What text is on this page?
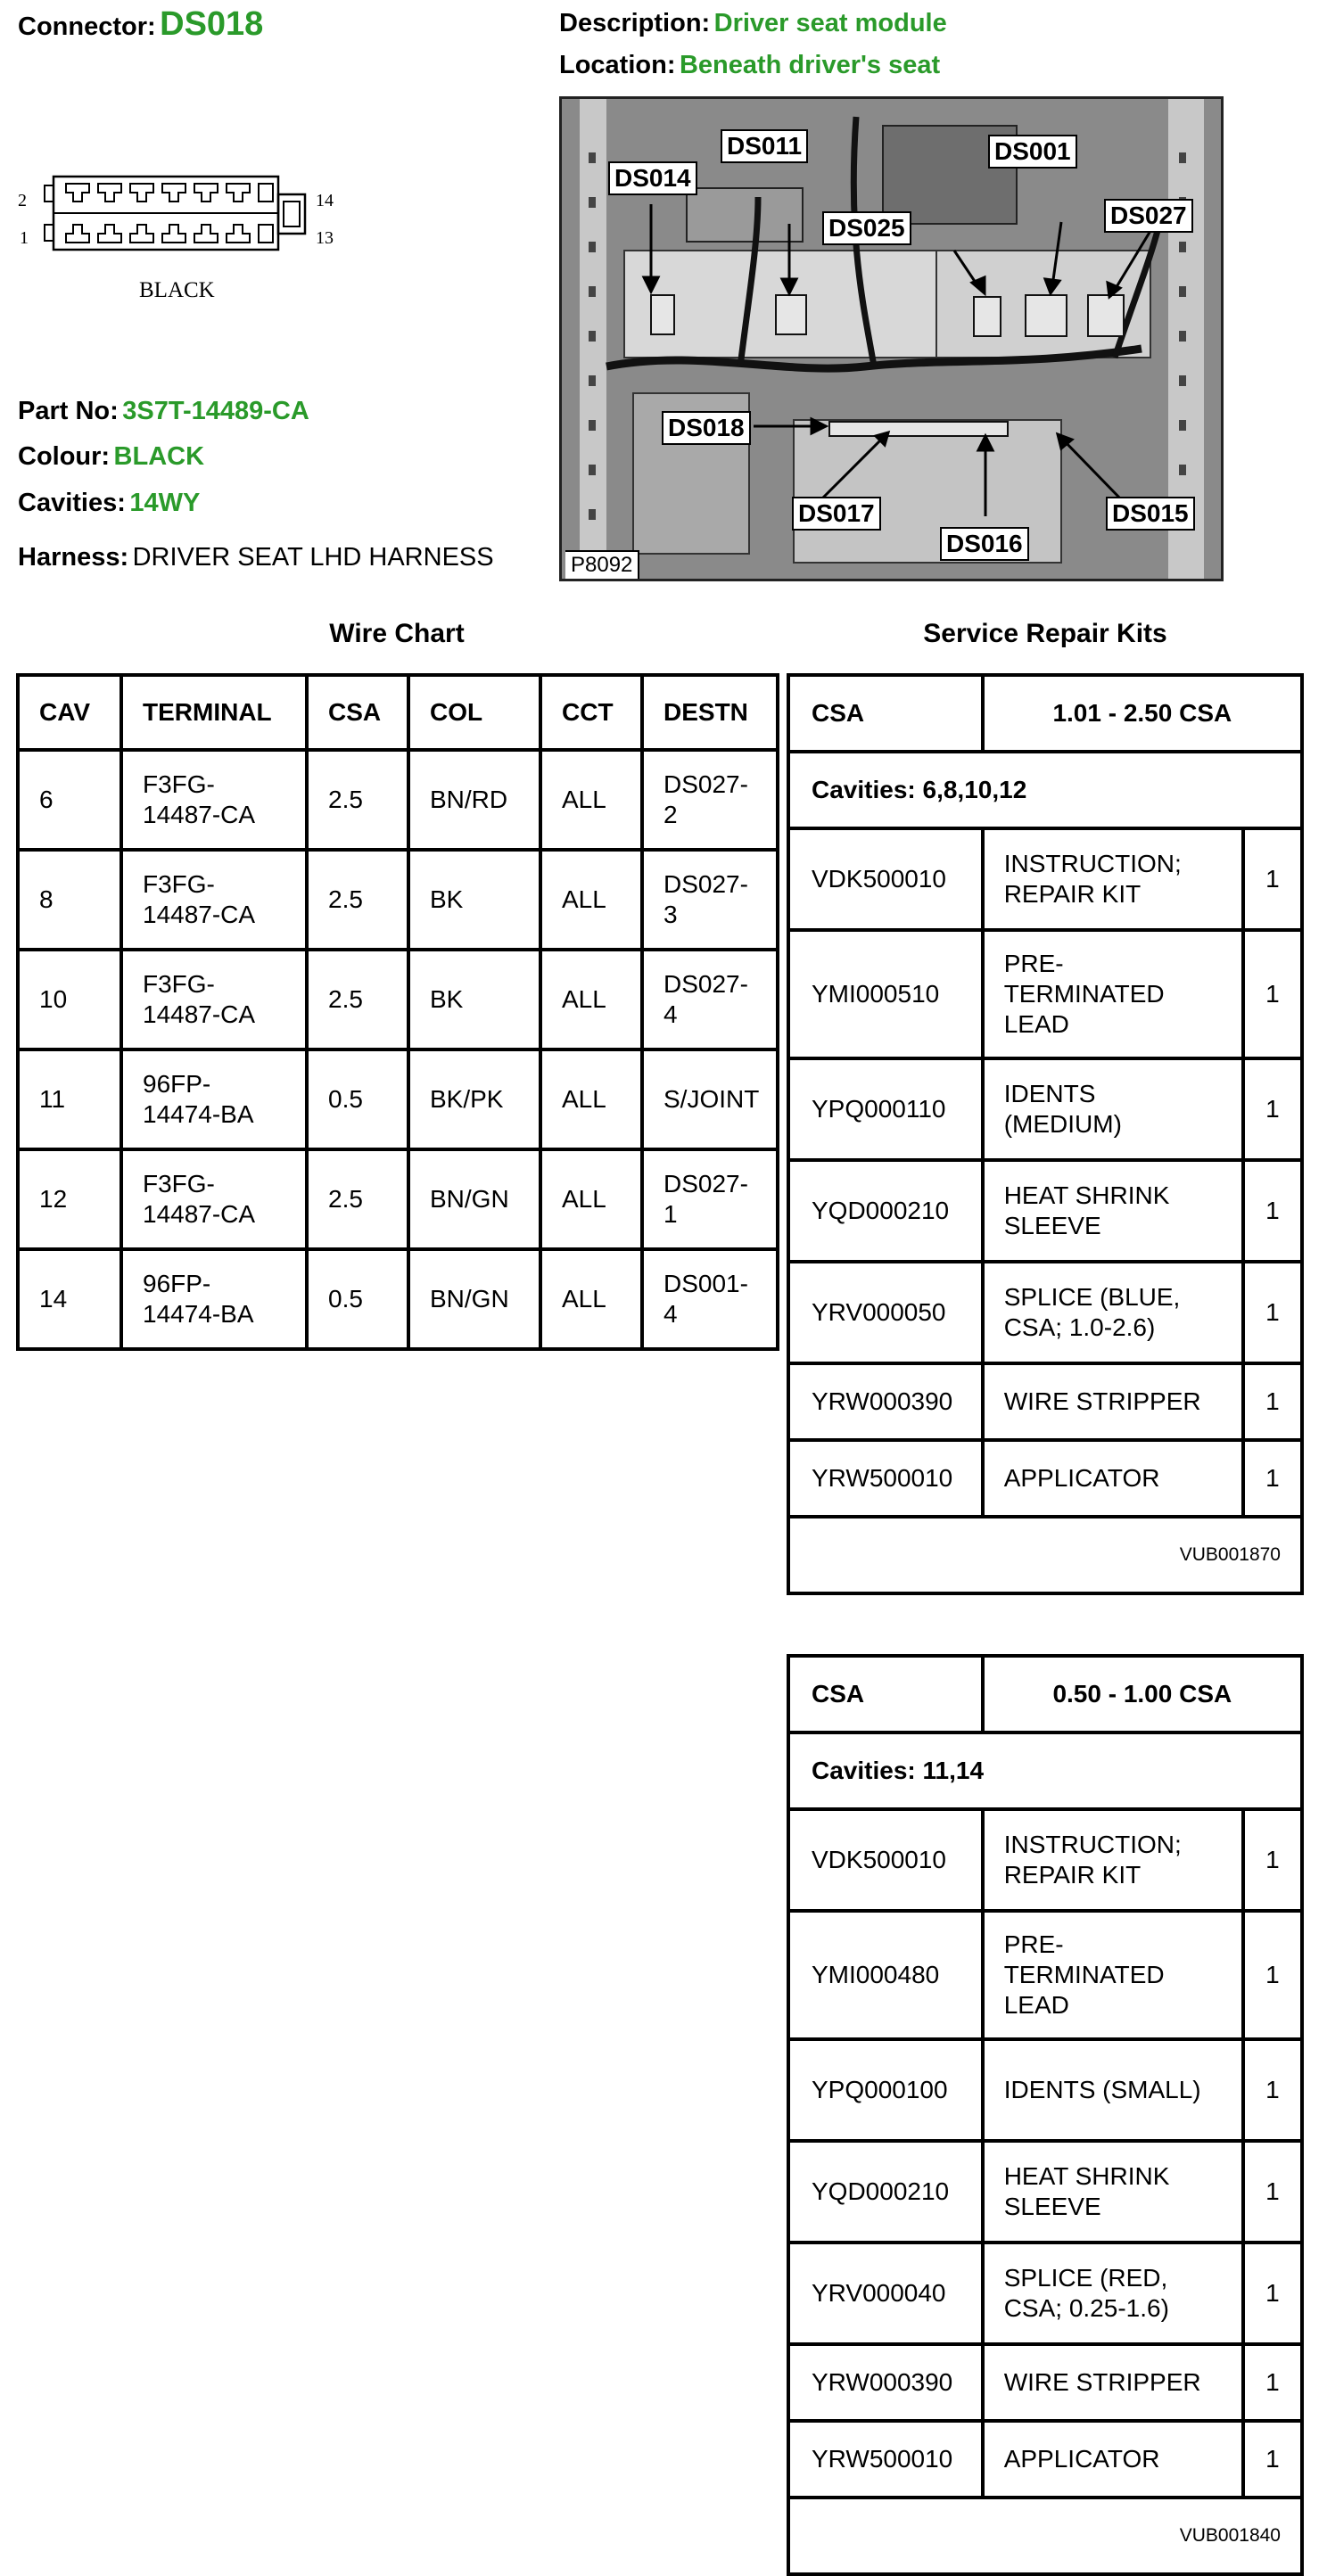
Connector: DS018	Description: Driver seat module
Location: Beneath driver's seat
2
1
14
13
BLACK
DS014
DS011
DS025
DS001
DS027
DS018
DS017
DS016
DS015
P8092
Part No: 3S7T-14489-CA
Colour: BLACK
Cavities: 14WY
Harness: DRIVER SEAT LHD HARNESS
Wire Chart	Service Repair Kits
CAV	TERMINAL	CSA	COL	CCT	DESTN
6	F3FG-
14487-CA	2.5	BN/RD	ALL	DS027-
2
8	F3FG-
14487-CA	2.5	BK	ALL	DS027-
3
10	F3FG-
14487-CA	2.5	BK	ALL	DS027-
4
11	96FP-
14474-BA	0.5	BK/PK	ALL	S/JOINT
12	F3FG-
14487-CA	2.5	BN/GN	ALL	DS027-
1
14	96FP-
14474-BA	0.5	BN/GN	ALL	DS001-
4
CSA	1.01 - 2.50 CSA	
Cavities: 6,8,10,12		
VDK500010	INSTRUCTION;
REPAIR KIT	1
YMI000510	PRE-
TERMINATED
LEAD	1
YPQ000110	IDENTS
(MEDIUM)	1
YQD000210	HEAT SHRINK
SLEEVE	1
YRV000050	SPLICE (BLUE,
CSA; 1.0-2.6)	1
YRW000390	WIRE STRIPPER	1
YRW500010	APPLICATOR	1
VUB001870		
CSA	0.50 - 1.00 CSA	
Cavities: 11,14		
VDK500010	INSTRUCTION;
REPAIR KIT	1
YMI000480	PRE-
TERMINATED
LEAD	1
YPQ000100	IDENTS (SMALL)	1
YQD000210	HEAT SHRINK
SLEEVE	1
YRV000040	SPLICE (RED,
CSA; 0.25-1.6)	1
YRW000390	WIRE STRIPPER	1
YRW500010	APPLICATOR	1
VUB001840		
